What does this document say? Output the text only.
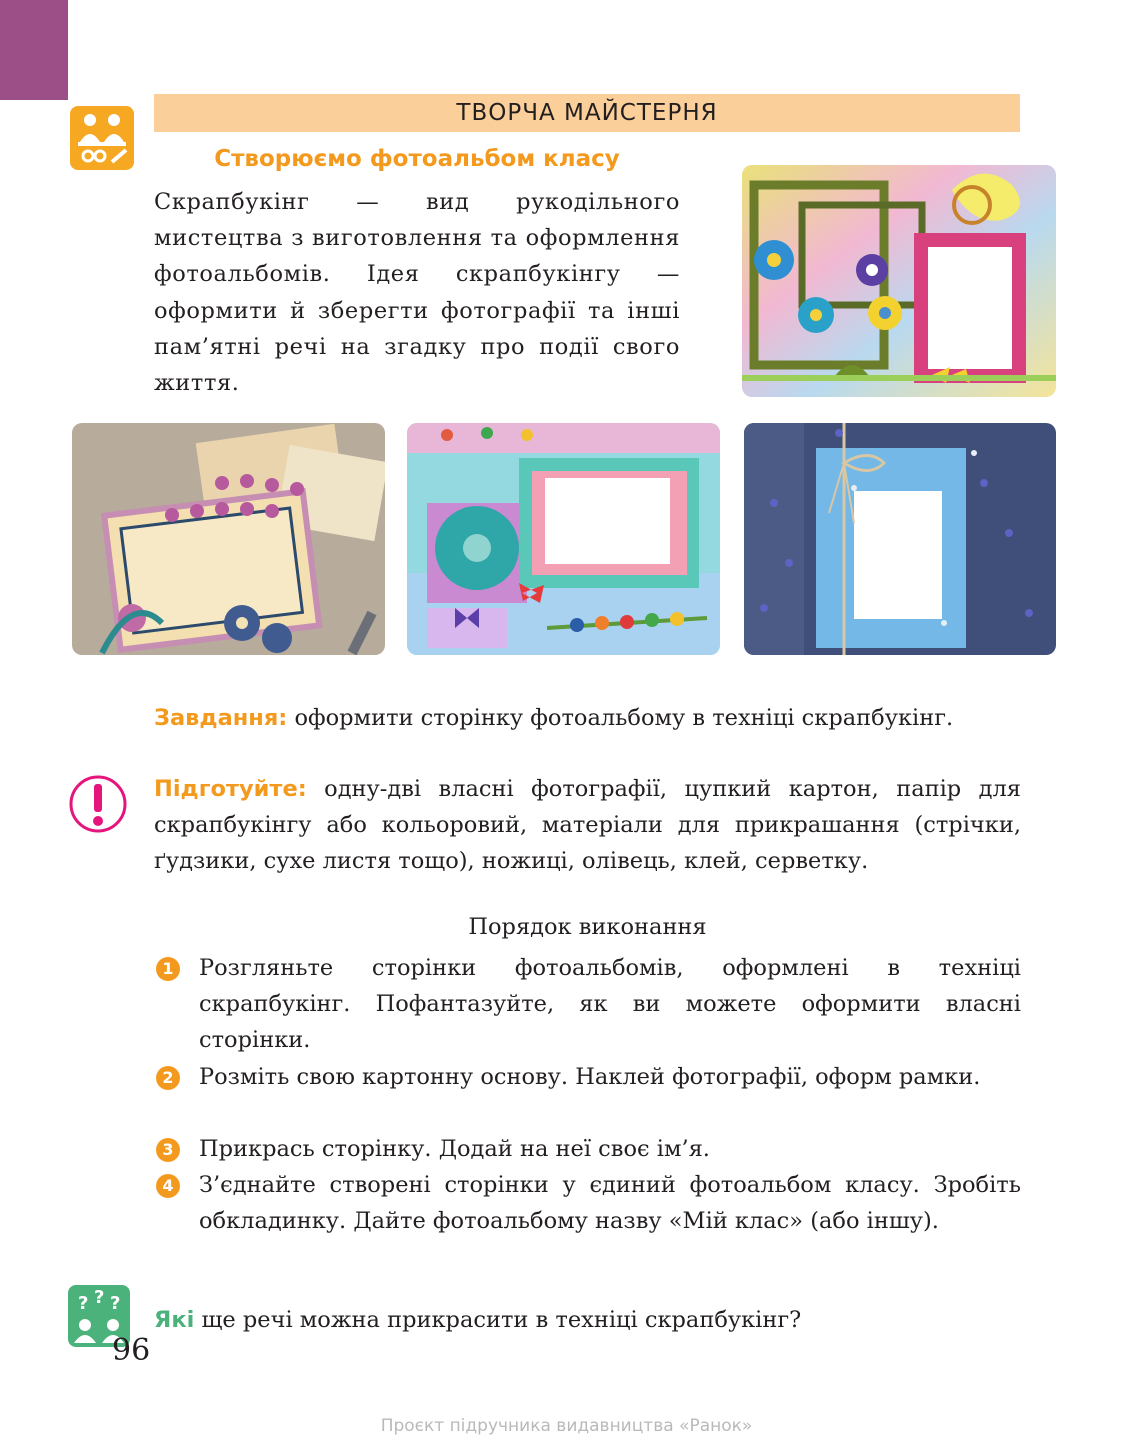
ТВОРЧА МАЙСТЕРНЯ
Створюємо фотоальбом класу
Скрапбукінг — вид рукодільного мистецтва з виготовлення та оформлення фотоальбомів. Ідея скрапбукінгу — оформити й зберегти фотографії та інші пам’ятні речі на згадку про події свого життя.
Завдання: оформити сторінку фотоальбому в техніці скрапбукінг.
Підготуйте: одну-дві власні фотографії, цупкий картон, папір для скрапбукінгу або кольоровий, матеріали для прикрашання (стрічки, ґудзики, сухе листя тощо), ножиці, олівець, клей, серветку.
Порядок виконання
1 Розгляньте сторінки фотоальбомів, оформлені в техніці скрапбукінг. Пофантазуйте, як ви можете оформити власні сторінки.
2 Розміть свою картонну основу. Наклей фотографії, оформ рамки.
3 Прикрась сторінку. Додай на неї своє ім’я.
4 З’єднайте створені сторінки у єдиний фотоальбом класу. Зробіть обкладинку. Дайте фотоальбому назву «Мій клас» (або іншу).
? ? ?
Які ще речі можна прикрасити в техніці скрапбукінг?
96
Проєкт підручника видавництва «Ранок»
